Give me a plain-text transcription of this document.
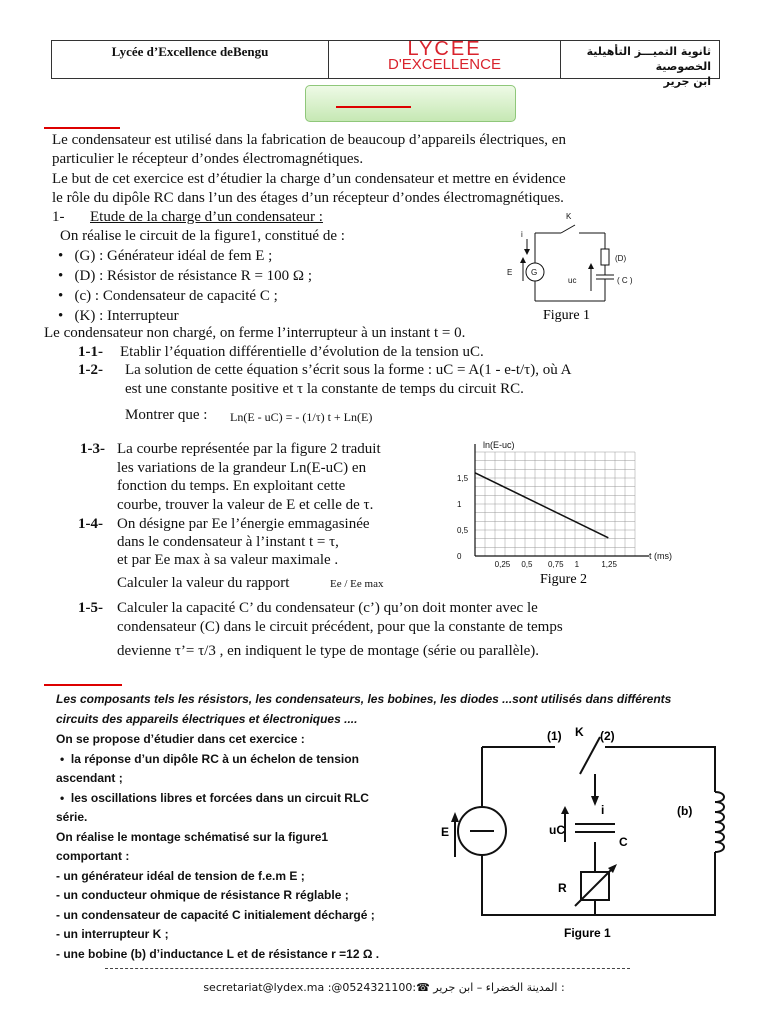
Lycée d’Excellence deBengu	LYCEE
D'EXCELLENCE
ثانوية التميـــز التأهيلية الخصوصية
ابن جرير
Le condensateur est utilisé dans la fabrication de beaucoup d’appareils électriques, en
particulier le récepteur d’ondes électromagnétiques.
Le but de cet exercice est d’étudier la charge d’un condensateur et mettre en évidence
le rôle du dipôle RC dans l’un des étages d’un récepteur d’ondes électromagnétiques.
1- Etude de la charge d’un condensateur :
On réalise le circuit de la figure1, constitué de :
•   (G) : Générateur idéal de fem E ;
•   (D) : Résistor de résistance R = 100 Ω ;
•   (c) : Condensateur de capacité C ;
•   (K) : Interrupteur
Le condensateur non chargé, on ferme l’interrupteur à un instant t = 0.
G
K
i
E
(D)
uc	( C )
Figure 1
1-1- Etablir l’équation différentielle d’évolution de la tension uC.
1-2- La solution de cette équation s’écrit sous la forme : uC = A(1 - e-t/τ), où A
est une constante positive et τ la constante de temps du circuit RC.
Montrer que : Ln(E - uC) = - (1/τ) t + Ln(E)
1-3- La courbe représentée par la figure 2 traduit
les variations de la grandeur Ln(E-uC) en
fonction du temps. En exploitant cette
courbe, trouver la valeur de E et celle de τ.
1-4- On désigne par Ee l’énergie emmagasinée
dans le condensateur à l’instant t = τ,
et par Ee max à sa valeur maximale .
Calculer la valeur du rapport	Ee / Ee max
ln(E-uc)
t (ms)
Figure 2
0,25 0,5 0,75 1	1,25
0
0,5
1
1,5
1-5- Calculer la capacité C’ du condensateur (c’) qu’on doit monter avec le
condensateur (C) dans le circuit précédent, pour que la constante de temps
devienne τ’= τ/3 , en indiquent le type de montage (série ou parallèle).
Les composants tels les résistors, les condensateurs, les bobines, les diodes ...sont utilisés dans différents
circuits des appareils électriques et électroniques ....
On se propose d’étudier dans cet exercice :
•  la réponse d’un dipôle RC à un échelon de tension
ascendant ;
•  les oscillations libres et forcées dans un circuit RLC
série.
On réalise le montage schématisé sur la figure1
comportant :
- un générateur idéal de tension de f.e.m E ;
- un conducteur ohmique de résistance R réglable ;
- un condensateur de capacité C initialement déchargé ;
- un interrupteur K ;
- une bobine (b) d’inductance L et de résistance r =12 Ω .
(1) K (2)
(b)
i
E	uC
C
R
Figure 1
secretariat@lydex.ma :@0524321100:☎ المدينة الخضراء – ابن جرير :
